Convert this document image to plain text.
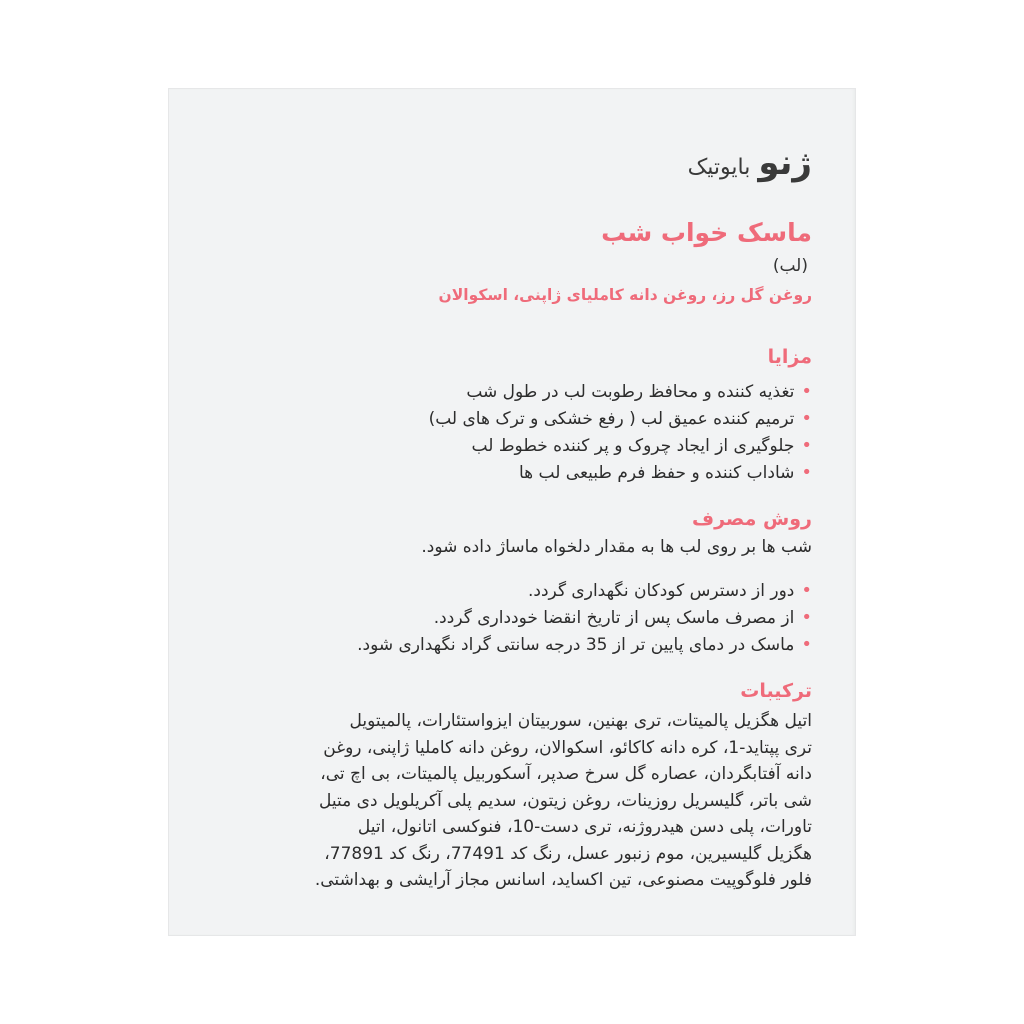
ژنو
بایوتیک
ماسک خواب شب
(لب)
روغن گل رز، روغن دانه کاملیای ژاپنی، اسکوالان
مزایا
•تغذیه کننده و محافظ رطوبت لب در طول شب
•ترمیم کننده عمیق لب ( رفع خشکی و ترک های لب)
•جلوگیری از ایجاد چروک و پر کننده خطوط لب
•شاداب کننده و حفظ فرم طبیعی لب ها
روش مصرف
شب ها بر روی لب ها به مقدار دلخواه ماساژ داده شود.
•دور از دسترس کودکان نگهداری گردد.
•از مصرف ماسک پس از تاریخ انقضا خودداری گردد.
•ماسک در دمای پایین تر از 35 درجه سانتی گراد نگهداری شود.
ترکیبات
اتیل هگزیل پالمیتات، تری بهنین، سوربیتان ایزواستئارات، پالمیتویل
تری پپتاید-1، کره دانه کاکائو، اسکوالان، روغن دانه کاملیا ژاپنی، روغن
دانه آفتابگردان، عصاره گل سرخ صدپر، آسکوربیل پالمیتات، بی اچ تی،
شی باتر، گلیسریل روزینات، روغن زیتون، سدیم پلی آکریلویل دی متیل
تاورات، پلی دسن هیدروژنه، تری دست-10، فنوکسی اتانول، اتیل
هگزیل گلیسیرین، موم زنبور عسل، رنگ کد 77491، رنگ کد 77891،
فلور فلوگوپیت مصنوعی، تین اکساید، اسانس مجاز آرایشی و بهداشتی.
